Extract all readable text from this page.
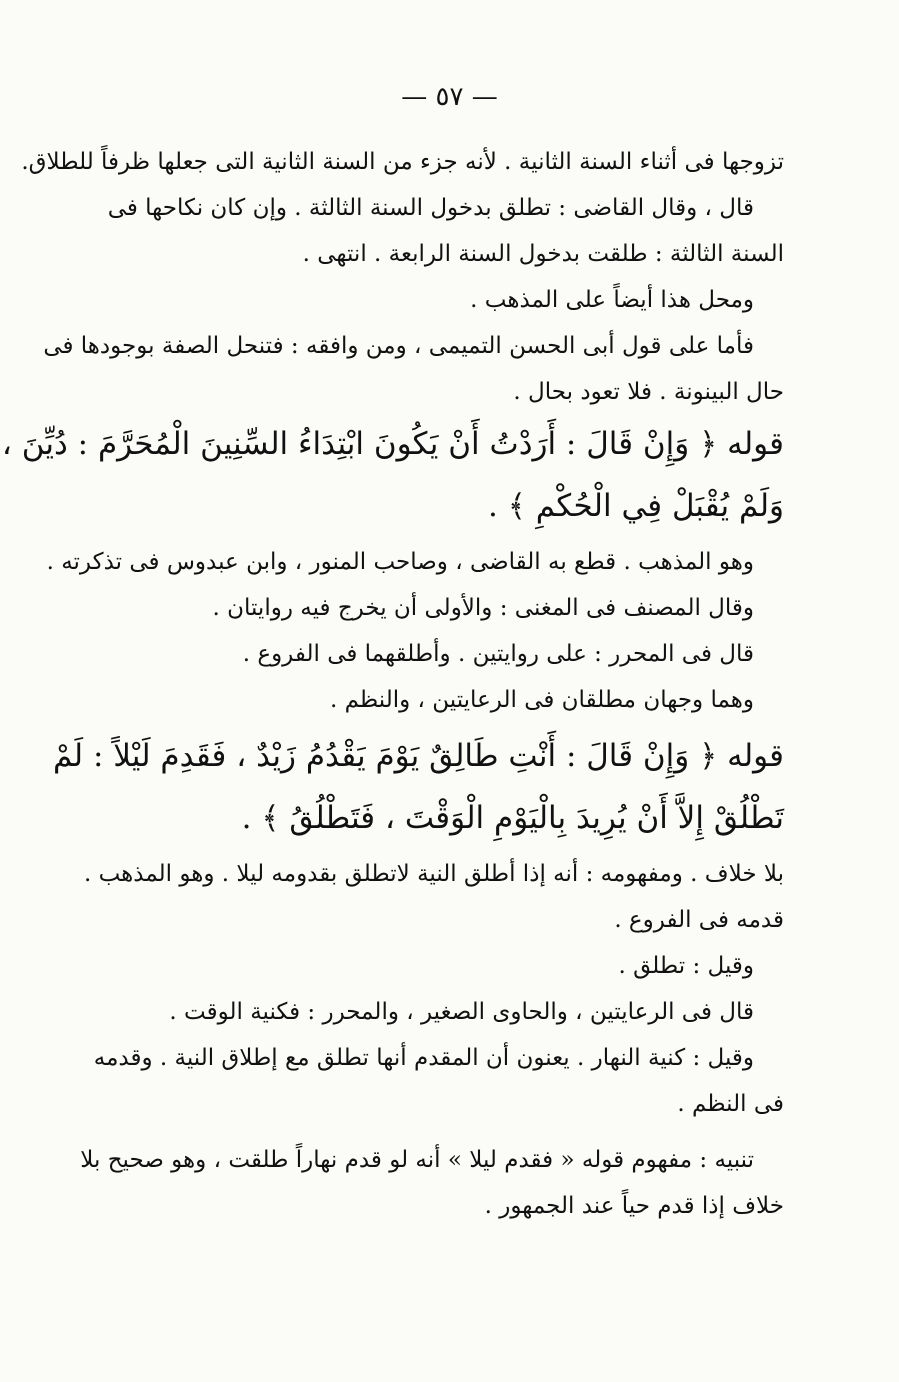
— ٥٧ —
تزوجها فى أثناء السنة الثانية . لأنه جزء من السنة الثانية التى جعلها ظرفاً للطلاق.
قال ، وقال القاضى : تطلق بدخول السنة الثالثة . وإن كان نكاحها فى
السنة الثالثة : طلقت بدخول السنة الرابعة . انتهى .
ومحل هذا أيضاً على المذهب .
فأما على قول أبى الحسن التميمى ، ومن وافقه : فتنحل الصفة بوجودها فى
حال البينونة . فلا تعود بحال .
قوله ﴿ وَإِنْ قَالَ : أَرَدْتُ أَنْ يَكُونَ ابْتِدَاءُ السِّنِينَ الْمُحَرَّمَ : دُيِّنَ ،
وَلَمْ يُقْبَلْ فِي الْحُكْمِ ﴾ .
وهو المذهب . قطع به القاضى ، وصاحب المنور ، وابن عبدوس فى تذكرته .
وقال المصنف فى المغنى : والأولى أن يخرج فيه روايتان .
قال فى المحرر : على روايتين . وأطلقهما فى الفروع .
وهما وجهان مطلقان فى الرعايتين ، والنظم .
قوله ﴿ وَإِنْ قَالَ : أَنْتِ طَالِقٌ يَوْمَ يَقْدُمُ زَيْدٌ ، فَقَدِمَ لَيْلاً : لَمْ
تَطْلُقْ إِلاَّ أَنْ يُرِيدَ بِالْيَوْمِ الْوَقْتَ ، فَتَطْلُقُ ﴾ .
بلا خلاف . ومفهومه : أنه إذا أطلق النية لاتطلق بقدومه ليلا . وهو المذهب .
قدمه فى الفروع .
وقيل : تطلق .
قال فى الرعايتين ، والحاوى الصغير ، والمحرر : فكنية الوقت .
وقيل : كنية النهار . يعنون أن المقدم أنها تطلق مع إطلاق النية . وقدمه
فى النظم .
تنبيه : مفهوم قوله « فقدم ليلا » أنه لو قدم نهاراً طلقت ، وهو صحيح بلا
خلاف إذا قدم حياً عند الجمهور .
